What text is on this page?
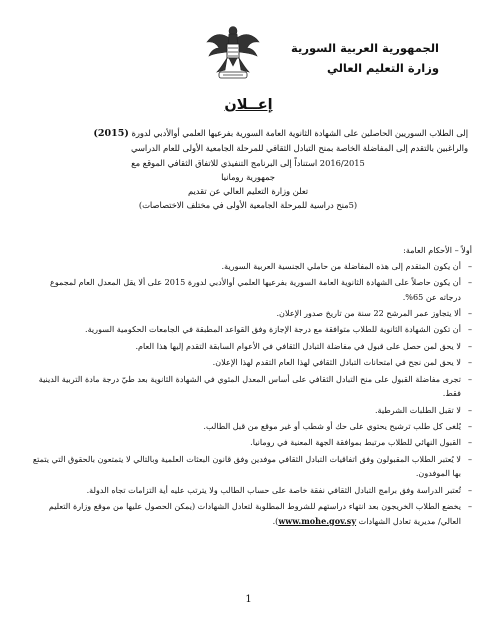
الجمهورية العربية السورية
وزارة التعليم العالي
إعــلان
إلى الطلاب السوريين الحاصلين على الشهادة الثانوية العامة السورية بفرعيها العلمي أوالأدبي لدورة (2015)
والراغبين بالتقدم إلى المفاضلة الخاصة بمنح التبادل الثقافي للمرحلة الجامعية الأولى للعام الدراسي
2016/2015 استناداً إلى البرنامج التنفيذي للاتفاق الثقافي الموقع مع
جمهورية رومانيا
تعلن وزارة التعليم العالي عن تقديم
(5منح دراسية للمرحلة الجامعية الأولى في مختلف الاختصاصات)
أولاً – الأحكام العامة:
– أن يكون المتقدم إلى هذه المفاضلة من حاملي الجنسية العربية السورية.
– أن يكون حاصلاً على الشهادة الثانوية العامة السورية بفرعيها العلمي أوالأدبي لدورة 2015 على ألا يقل المعدل العام لمجموع درجاته عن 65%.
– ألا يتجاوز عمر المرشح 22 سنة من تاريخ صدور الإعلان.
– أن تكون الشهادة الثانوية للطلاب متوافقة مع درجة الإجازة وفق القواعد المطبقة في الجامعات الحكومية السورية.
– لا يحق لمن حصل على قبول في مفاضلة التبادل الثقافي في الأعوام السابقة التقدم إليها هذا العام.
– لا يحق لمن نجح في امتحانات التبادل الثقافي لهذا العام التقدم لهذا الإعلان.
– تجرى مفاضلة القبول على منح التبادل الثقافي على أساس المعدل المئوي في الشهادة الثانوية بعد طيّ درجة مادة التربية الدينية فقط.
– لا تقبل الطلبات الشرطية.
– يُلغى كل طلب ترشيح يحتوي على حك أو شطب أو غير موقع من قبل الطالب.
– القبول النهائي للطلاب مرتبط بموافقة الجهة المعنية في رومانيا.
– لا يُعتبر الطلاب المقبولون وفق اتفاقيات التبادل الثقافي موفدين وفق قانون البعثات العلمية وبالتالي لا يتمتعون بالحقوق التي يتمتع بها الموفدون.
– تُعتبر الدراسة وفق برامج التبادل الثقافي نفقة خاصة على حساب الطالب ولا يترتب عليه أية التزامات تجاه الدولة.
– يخضع الطلاب الخريجون بعد انتهاء دراستهم للشروط المطلوبة لتعادل الشهادات (يمكن الحصول عليها من موقع وزارة التعليم العالي/ مديرية تعادل الشهادات www.mohe.gov.sy).
1
